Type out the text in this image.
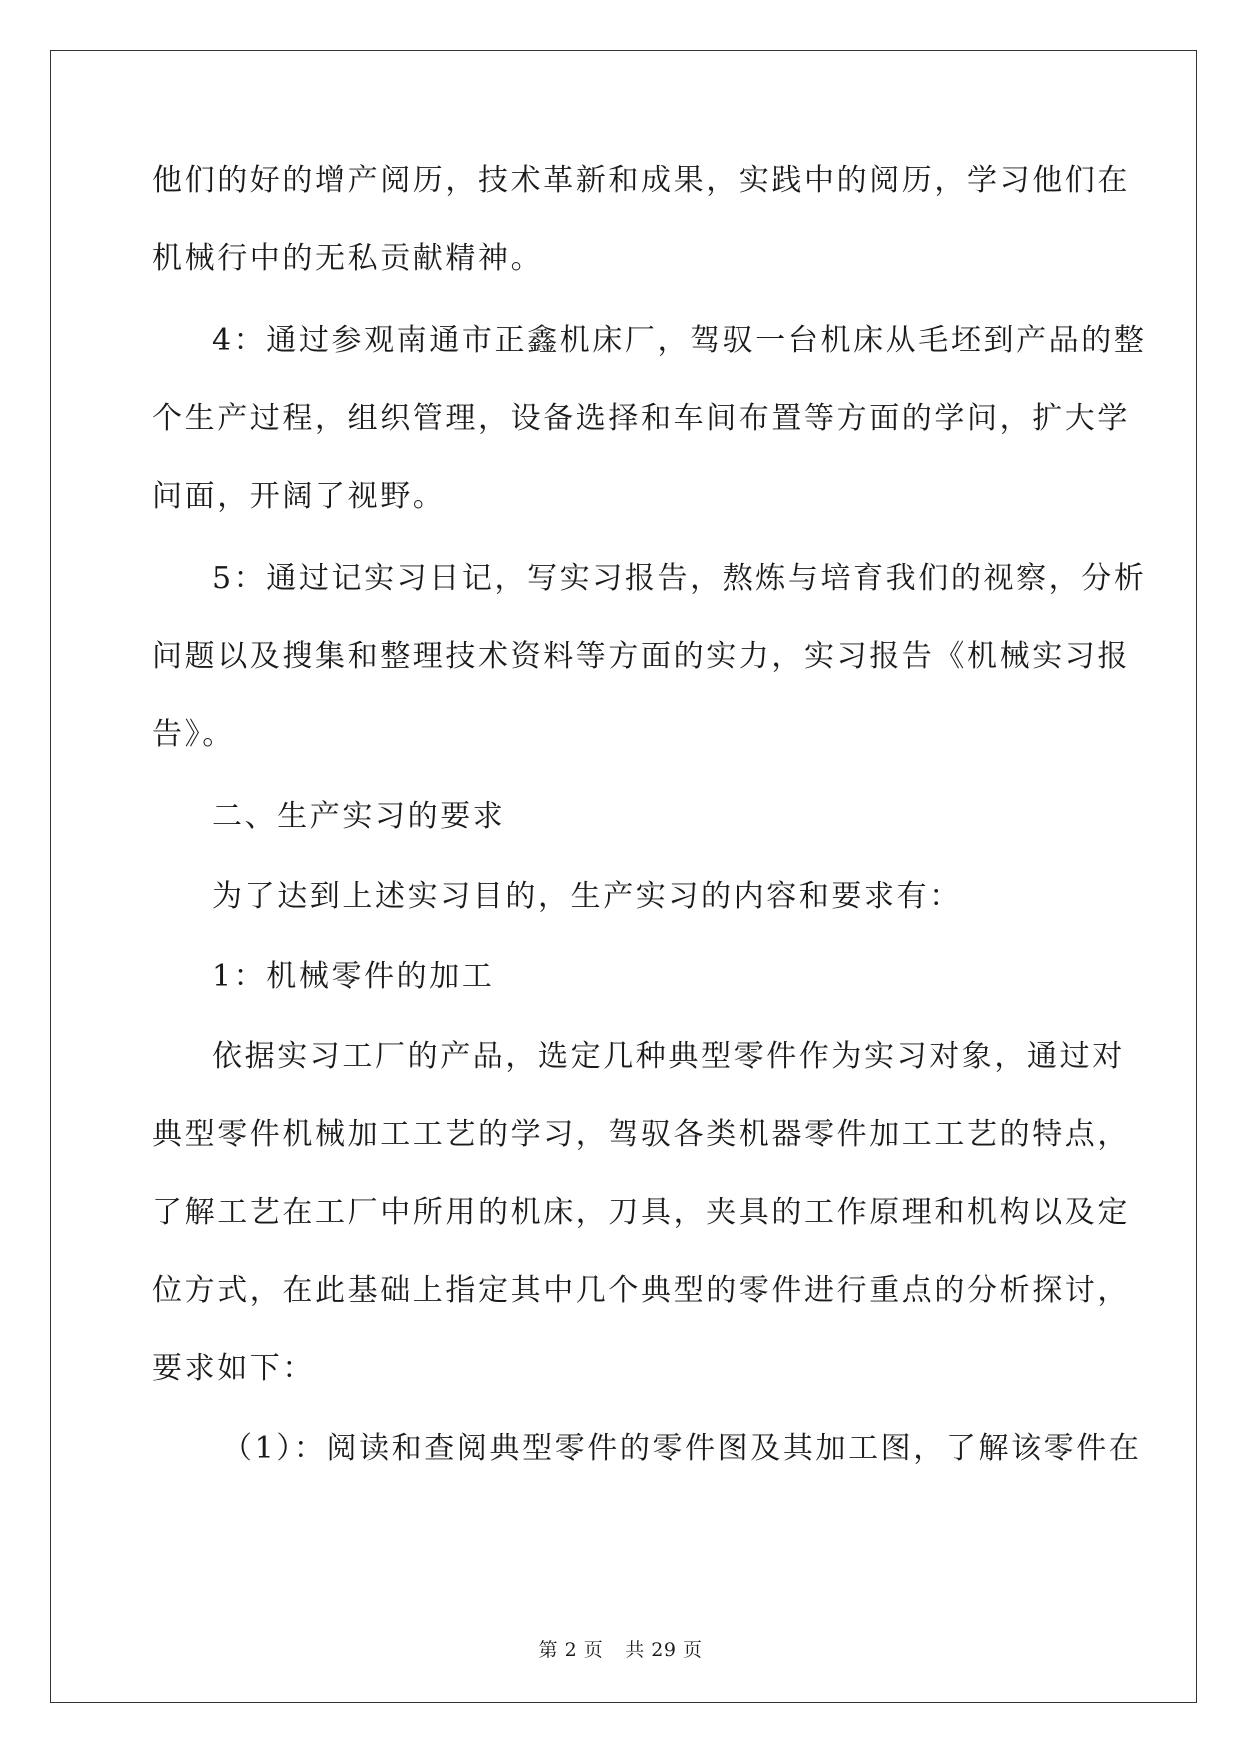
他们的好的增产阅历，技术革新和成果，实践中的阅历，学习他们在
机械行中的无私贡献精神。
4：通过参观南通市正鑫机床厂，驾驭一台机床从毛坯到产品的整
个生产过程，组织管理，设备选择和车间布置等方面的学问，扩大学
问面，开阔了视野。
5：通过记实习日记，写实习报告，熬炼与培育我们的视察，分析
问题以及搜集和整理技术资料等方面的实力，实习报告《机械实习报
告》。
二、生产实习的要求
为了达到上述实习目的，生产实习的内容和要求有：
1：机械零件的加工
依据实习工厂的产品，选定几种典型零件作为实习对象，通过对
典型零件机械加工工艺的学习，驾驭各类机器零件加工工艺的特点，
了解工艺在工厂中所用的机床，刀具，夹具的工作原理和机构以及定
位方式，在此基础上指定其中几个典型的零件进行重点的分析探讨，
要求如下：
（1）：阅读和查阅典型零件的零件图及其加工图，了解该零件在
第 2 页 共 29 页
